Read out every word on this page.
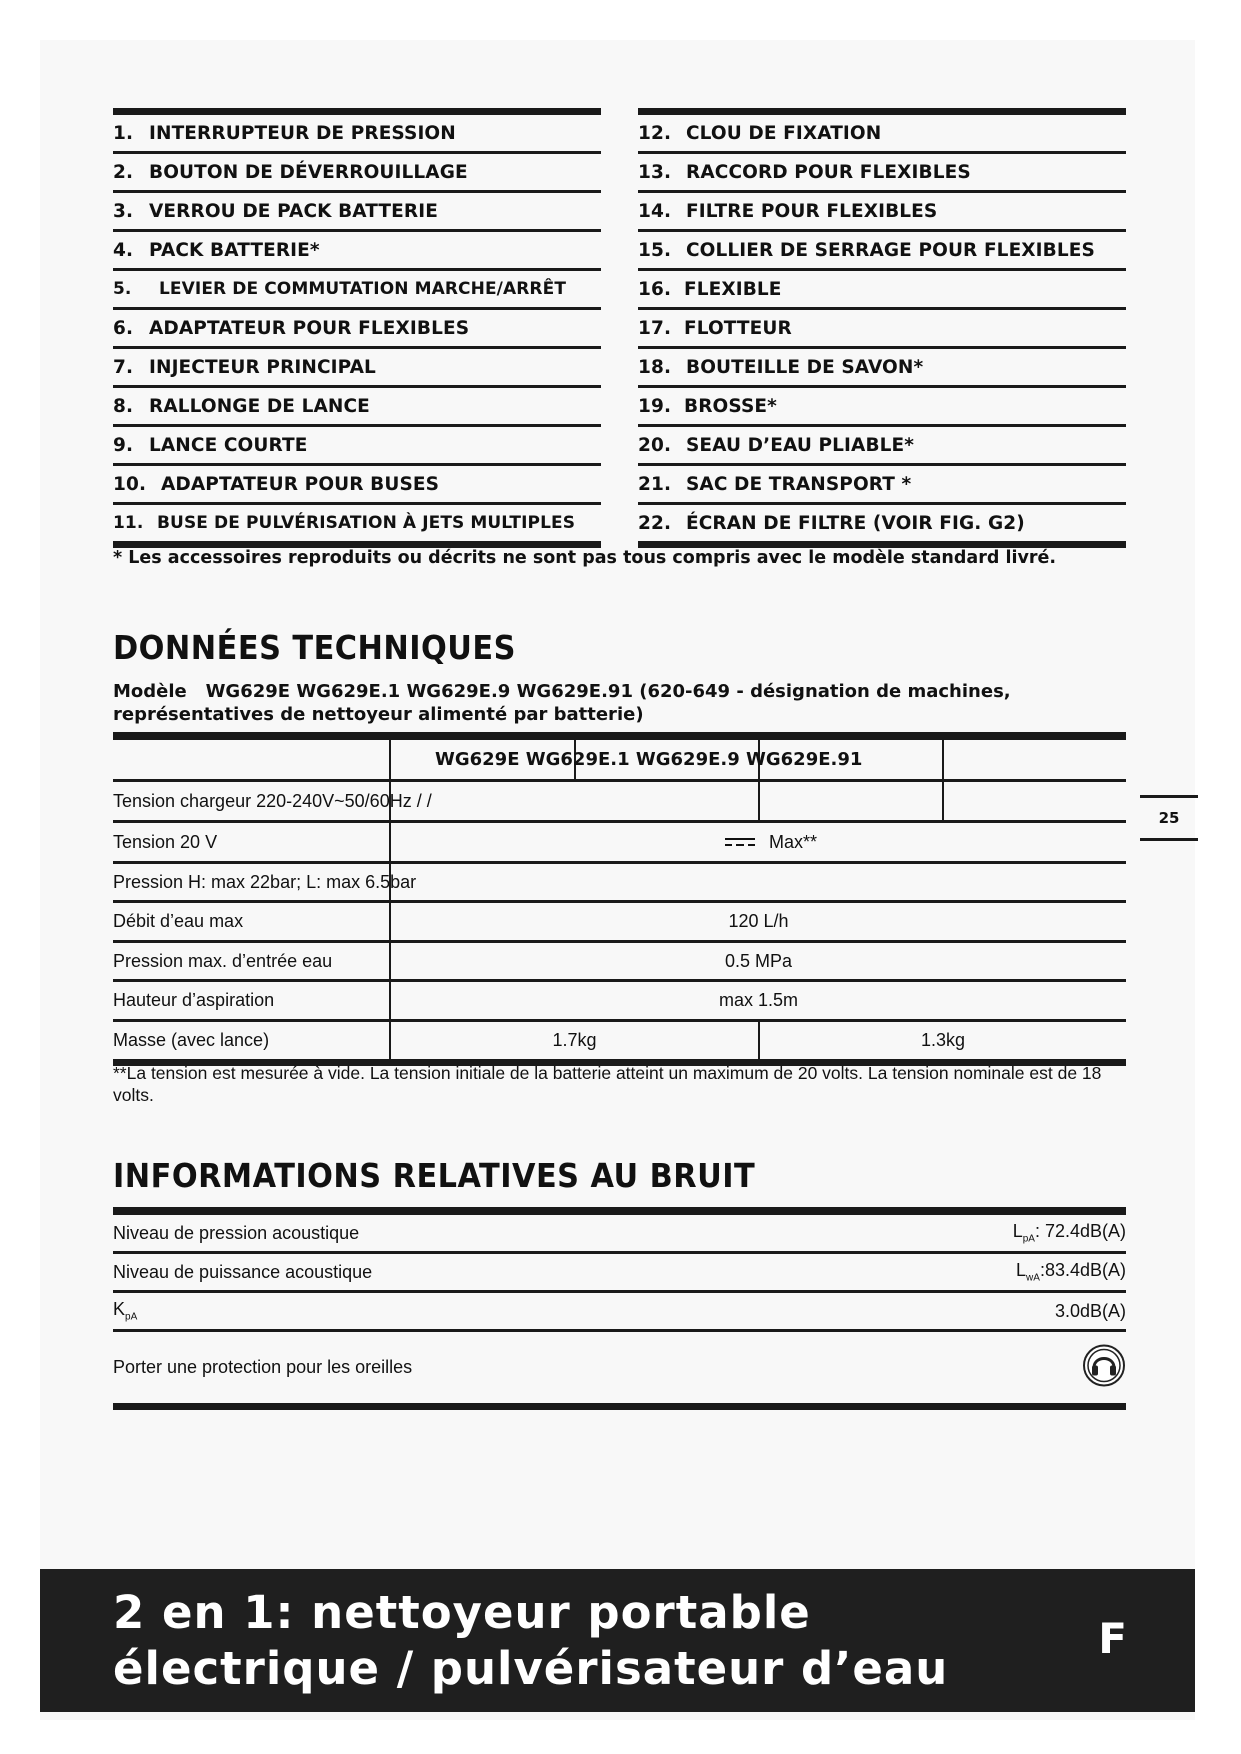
1. INTERRUPTEUR DE PRESSION
2. BOUTON DE DÉVERROUILLAGE
3. VERROU DE PACK BATTERIE
4. PACK BATTERIE*
5.	LEVIER DE COMMUTATION MARCHE/ARRÊT
6. ADAPTATEUR POUR FLEXIBLES
7. INJECTEUR PRINCIPAL
8. RALLONGE DE LANCE
9. LANCE COURTE
10. ADAPTATEUR POUR BUSES
11. BUSE DE PULVÉRISATION À JETS MULTIPLES
12. CLOU DE FIXATION
13. RACCORD POUR FLEXIBLES
14. FILTRE POUR FLEXIBLES
15. COLLIER DE SERRAGE POUR FLEXIBLES
16. FLEXIBLE
17. FLOTTEUR
18. BOUTEILLE DE SAVON*
19. BROSSE*
20. SEAU D’EAU PLIABLE*
21. SAC DE TRANSPORT *
22. ÉCRAN DE FILTRE (VOIR FIG. G2)
* Les accessoires reproduits ou décrits ne sont pas tous compris avec le modèle standard livré.
DONNÉES TECHNIQUES
Modèle WG629E WG629E.1 WG629E.9 WG629E.91 (620-649 - désignation de machines, représentatives de nettoyeur alimenté par batterie)
WG629E WG629E.1 WG629E.9 WG629E.91
Tension chargeur 220-240V~50/60Hz / /
Tension 20 V	Max**
Pression H: max 22bar; L: max 6.5bar
Débit d’eau max	120 L/h
Pression max. d’entrée eau	0.5 MPa
Hauteur d’aspiration	max 1.5m
Masse (avec lance)	1.7kg	1.3kg
**La tension est mesurée à vide. La tension initiale de la batterie atteint un maximum de 20 volts. La tension nominale est de 18 volts.
INFORMATIONS RELATIVES AU BRUIT
Niveau de pression acoustique	$L_{pA}$: 72.4dB(A)
Niveau de puissance acoustique	$L_{wA}:83.4dB(A)$
$K_{pA}$	3.0dB(A)
Porter une protection pour les oreilles
25
2 en 1: nettoyeur portable
électrique / pulvérisateur d’eau
F
